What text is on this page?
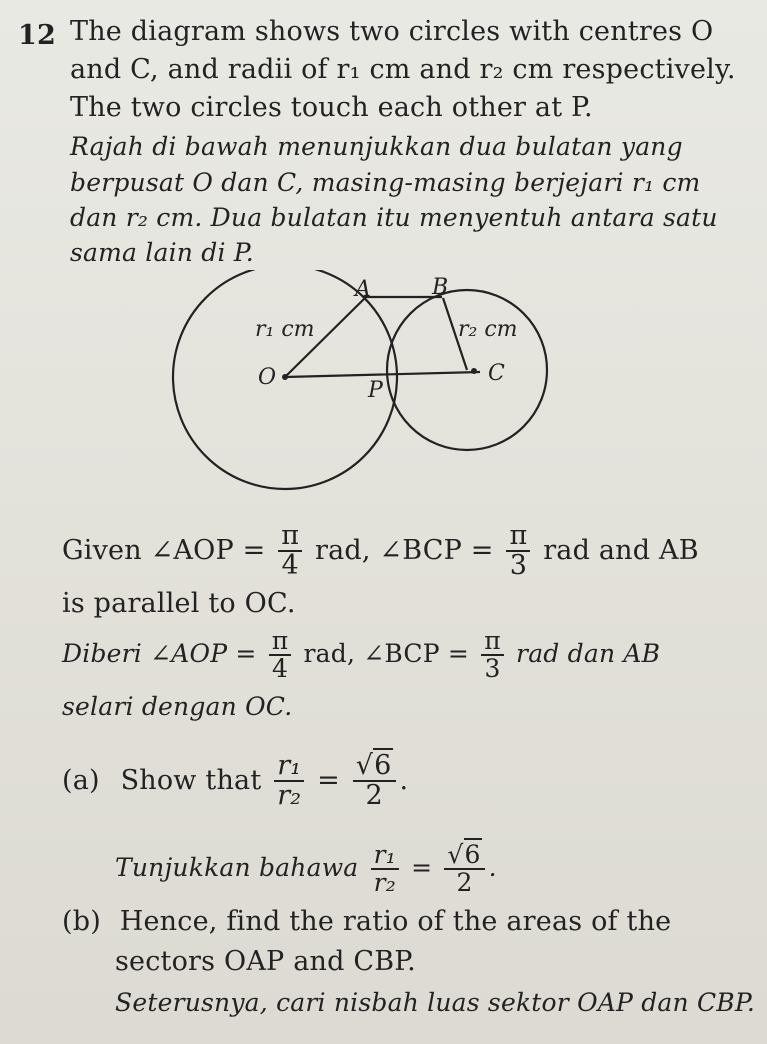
12 The diagram shows two circles with centres O
and C, and radii of r₁ cm and r₂ cm respectively.
The two circles touch each other at P.
Rajah di bawah menunjukkan dua bulatan yang
berpusat O dan C, masing-masing berjejari r₁ cm
dan r₂ cm. Dua bulatan itu menyentuh antara satu
sama lain di P.
A	B
O	C
P
r₁ cm	r₂ cm
Given ∠AOP = $\frac{\pi}{4}$ rad, ∠BCP = $\frac{\pi}{3}$ rad and AB
is parallel to OC.
Diberi ∠AOP = $\frac{\pi}{4}$ rad, ∠BCP = $\frac{\pi}{3}$ rad dan AB
selari dengan OC.
(a) Show that $\frac{\text{r₁}}{\text{r₂}} = \frac{√6}{2}$ .
Tunjukkan bahawa $\frac{\text{r₁}}{\text{r₂}} = \frac{√6}{2}$ .
(b) Hence, find the ratio of the areas of the
sectors OAP and CBP.
Seterusnya, cari nisbah luas sektor OAP dan CBP.
